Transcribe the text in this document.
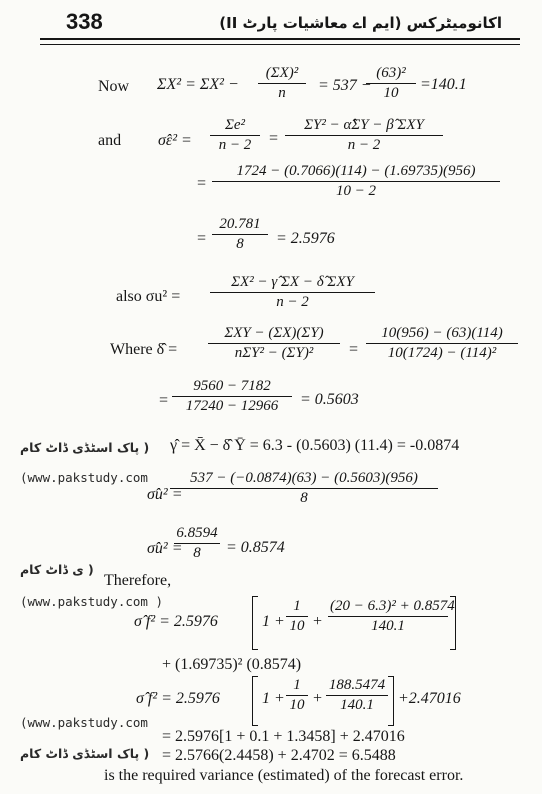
338	اکانومیٹرکس (ایم اے معاشیات پارٹ II)
Now $\Sigma X^2 = \Sigma X^2 - \frac{\text{(ΣX)²}}{n} = 537$ −
$\frac{\text{(63)²}}{10} =140.1$
and σ̂ε² = $\frac{\text{Σe²}}{n - 2}$ =
ΣY² − α̂ΣY − β̂ ΣXY
n − 2
= $\frac{1724 - (0.7066)(114) - (1.69735)(956)}{10 - 2}$
= $\frac{20.781}{8} = 2.5976$
also σu² =
ΣX² − γ̂ ΣX − δ̂ ΣXY
n − 2
Where δ̂ =
ΣXY − (ΣX)(ΣY)
nΣY² − (ΣY)²	= $\frac{10(956) - (63)(114)}{\text{10(1724) − (114)²}}$
= $\frac{9560 - 7182}{17240 - 12966} = 0.5603$
( پاک اسٹڈی ڈاٹ کام γ̂ = X̄ − δ̂ Ȳ = 6.3 - (0.5603) (11.4) = -0.0874
(www.pakstudy.com
σ̂u² =
$\frac{537 - (-0.0874)(63) - (0.5603)(956)}{8}$
σ̂u² =
$\frac{6.8594}{8} = 0.8574$
( ی ڈاٹ کام
Therefore,
(www.pakstudy.com )
σ̂ f² = 2.5976	$1 + \frac{1}{10} + \frac{\text{(20 − 6.3)² + 0.8574}}{140.1}$
+ (1.69735)² (0.8574)
σ̂ f² = 2.5976	$1 + \frac{1}{10} + \frac{188.5474}{140.1} +2.47016$
(www.pakstudy.com
= 2.5976[1 + 0.1 + 1.3458] + 2.47016
( پاک اسٹڈی ڈاٹ کام = 2.5766(2.4458) + 2.4702 = 6.5488
is the required variance (estimated) of the forecast error.
